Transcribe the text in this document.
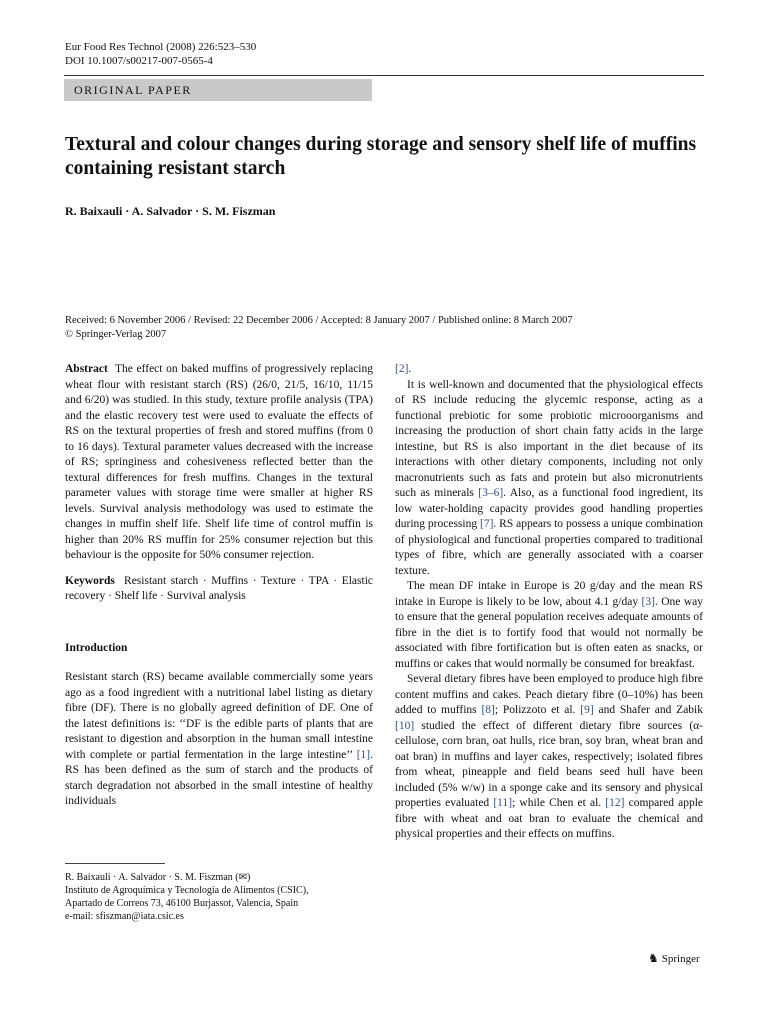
Eur Food Res Technol (2008) 226:523–530
DOI 10.1007/s00217-007-0565-4
ORIGINAL PAPER
Textural and colour changes during storage and sensory shelf life of muffins containing resistant starch
R. Baixauli · A. Salvador · S. M. Fiszman
Received: 6 November 2006 / Revised: 22 December 2006 / Accepted: 8 January 2007 / Published online: 8 March 2007
© Springer-Verlag 2007

Abstract The effect on baked muffins of progressively replacing wheat flour with resistant starch (RS) (26/0, 21/5, 16/10, 11/15 and 6/20) was studied. In this study, texture profile analysis (TPA) and the elastic recovery test were used to evaluate the effects of RS on the textural properties of fresh and stored muffins (from 0 to 16 days). Textural parameter values decreased with the increase of RS; springiness and cohesiveness reflected better than the textural differences for fresh muffins. Changes in the textural parameter values with storage time were smaller at higher RS levels. Survival analysis methodology was used to estimate the changes in muffin shelf life. Shelf life time of control muffin is higher than 20% RS muffin for 25% consumer rejection but this behaviour is the opposite for 50% consumer rejection.

Keywords Resistant starch · Muffins · Texture · TPA · Elastic recovery · Shelf life · Survival analysis

Introduction

Resistant starch (RS) became available commercially some years ago as a food ingredient with a nutritional label listing as dietary fibre (DF). There is no globally agreed definition of DF. One of the latest definitions is: ‘‘DF is the edible parts of plants that are resistant to digestion and absorption in the human small intestine with complete or partial fermentation in the large intestine’’ [1]. RS has been defined as the sum of starch and the products of starch degradation not absorbed in the small intestine of healthy individuals

[2].

It is well-known and documented that the physiological effects of RS include reducing the glycemic response, acting as a functional prebiotic for some probiotic microoorganisms and increasing the production of short chain fatty acids in the large intestine, but RS is also important in the diet because of its interactions with other dietary components, including not only macronutrients such as fats and protein but also micronutrients such as minerals [3–6]. Also, as a functional food ingredient, its low water-holding capacity provides good handling properties during processing [7]. RS appears to possess a unique combination of physiological and functional properties compared to traditional types of fibre, which are generally associated with a coarser texture.

The mean DF intake in Europe is 20 g/day and the mean RS intake in Europe is likely to be low, about 4.1 g/day [3]. One way to ensure that the general population receives adequate amounts of fibre in the diet is to fortify food that would not normally be associated with fibre fortification but is often eaten as snacks, or muffins or cakes that would normally be consumed for breakfast.

Several dietary fibres have been employed to produce high fibre content muffins and cakes. Peach dietary fibre (0–10%) has been added to muffins [8]; Polizzoto et al. [9] and Shafer and Zabik [10] studied the effect of different dietary fibre sources (α-cellulose, corn bran, oat hulls, rice bran, soy bran, wheat bran and oat bran) in muffins and layer cakes, respectively; isolated fibres from wheat, pineapple and field beans seed hull have been included (5% w/w) in a sponge cake and its sensory and physical properties evaluated [11]; while Chen et al. [12] compared apple fibre with wheat and oat bran to evaluate the chemical and physical properties and their effects on muffins.

R. Baixauli · A. Salvador · S. M. Fiszman (✉)
Instituto de Agroquímica y Tecnología de Alimentos (CSIC),
Apartado de Correos 73, 46100 Burjassot, Valencia, Spain
e-mail: sfiszman@iata.csic.es
♞ Springer
